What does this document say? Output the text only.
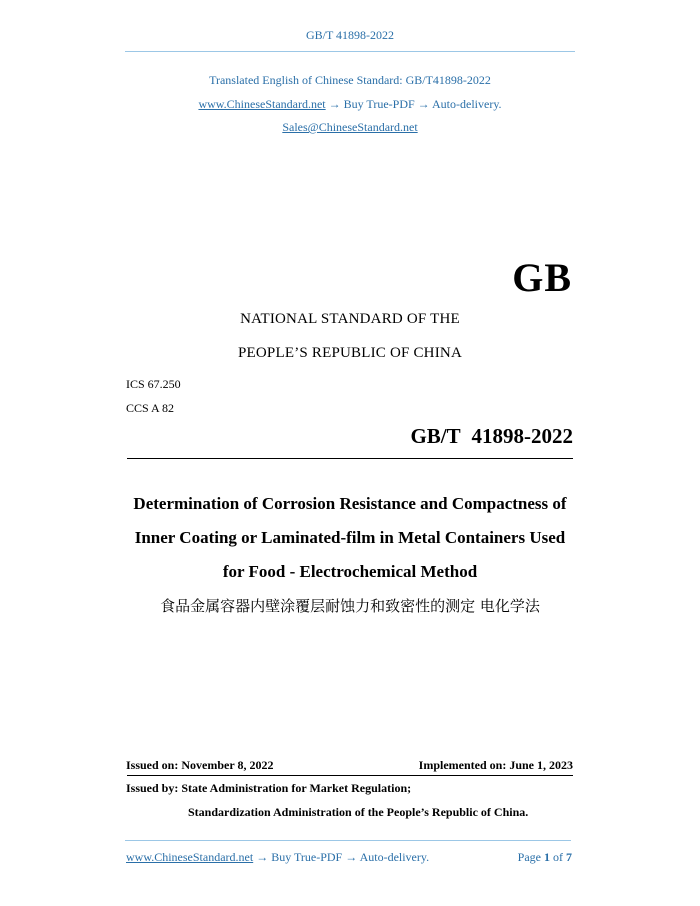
GB/T 41898-2022
Translated English of Chinese Standard: GB/T41898-2022
www.ChineseStandard.net → Buy True-PDF → Auto-delivery.
Sales@ChineseStandard.net
GB
NATIONAL STANDARD OF THE
PEOPLE’S REPUBLIC OF CHINA
ICS 67.250
CCS A 82
GB/T 41898-2022
Determination of Corrosion Resistance and Compactness of
Inner Coating or Laminated-film in Metal Containers Used
for Food - Electrochemical Method
食品金属容器内壁涂覆层耐蚀力和致密性的测定 电化学法
Issued on: November 8, 2022	Implemented on: June 1, 2023
Issued by: State Administration for Market Regulation;
Standardization Administration of the People’s Republic of China.
www.ChineseStandard.net → Buy True-PDF → Auto-delivery.	Page 1 of 7
